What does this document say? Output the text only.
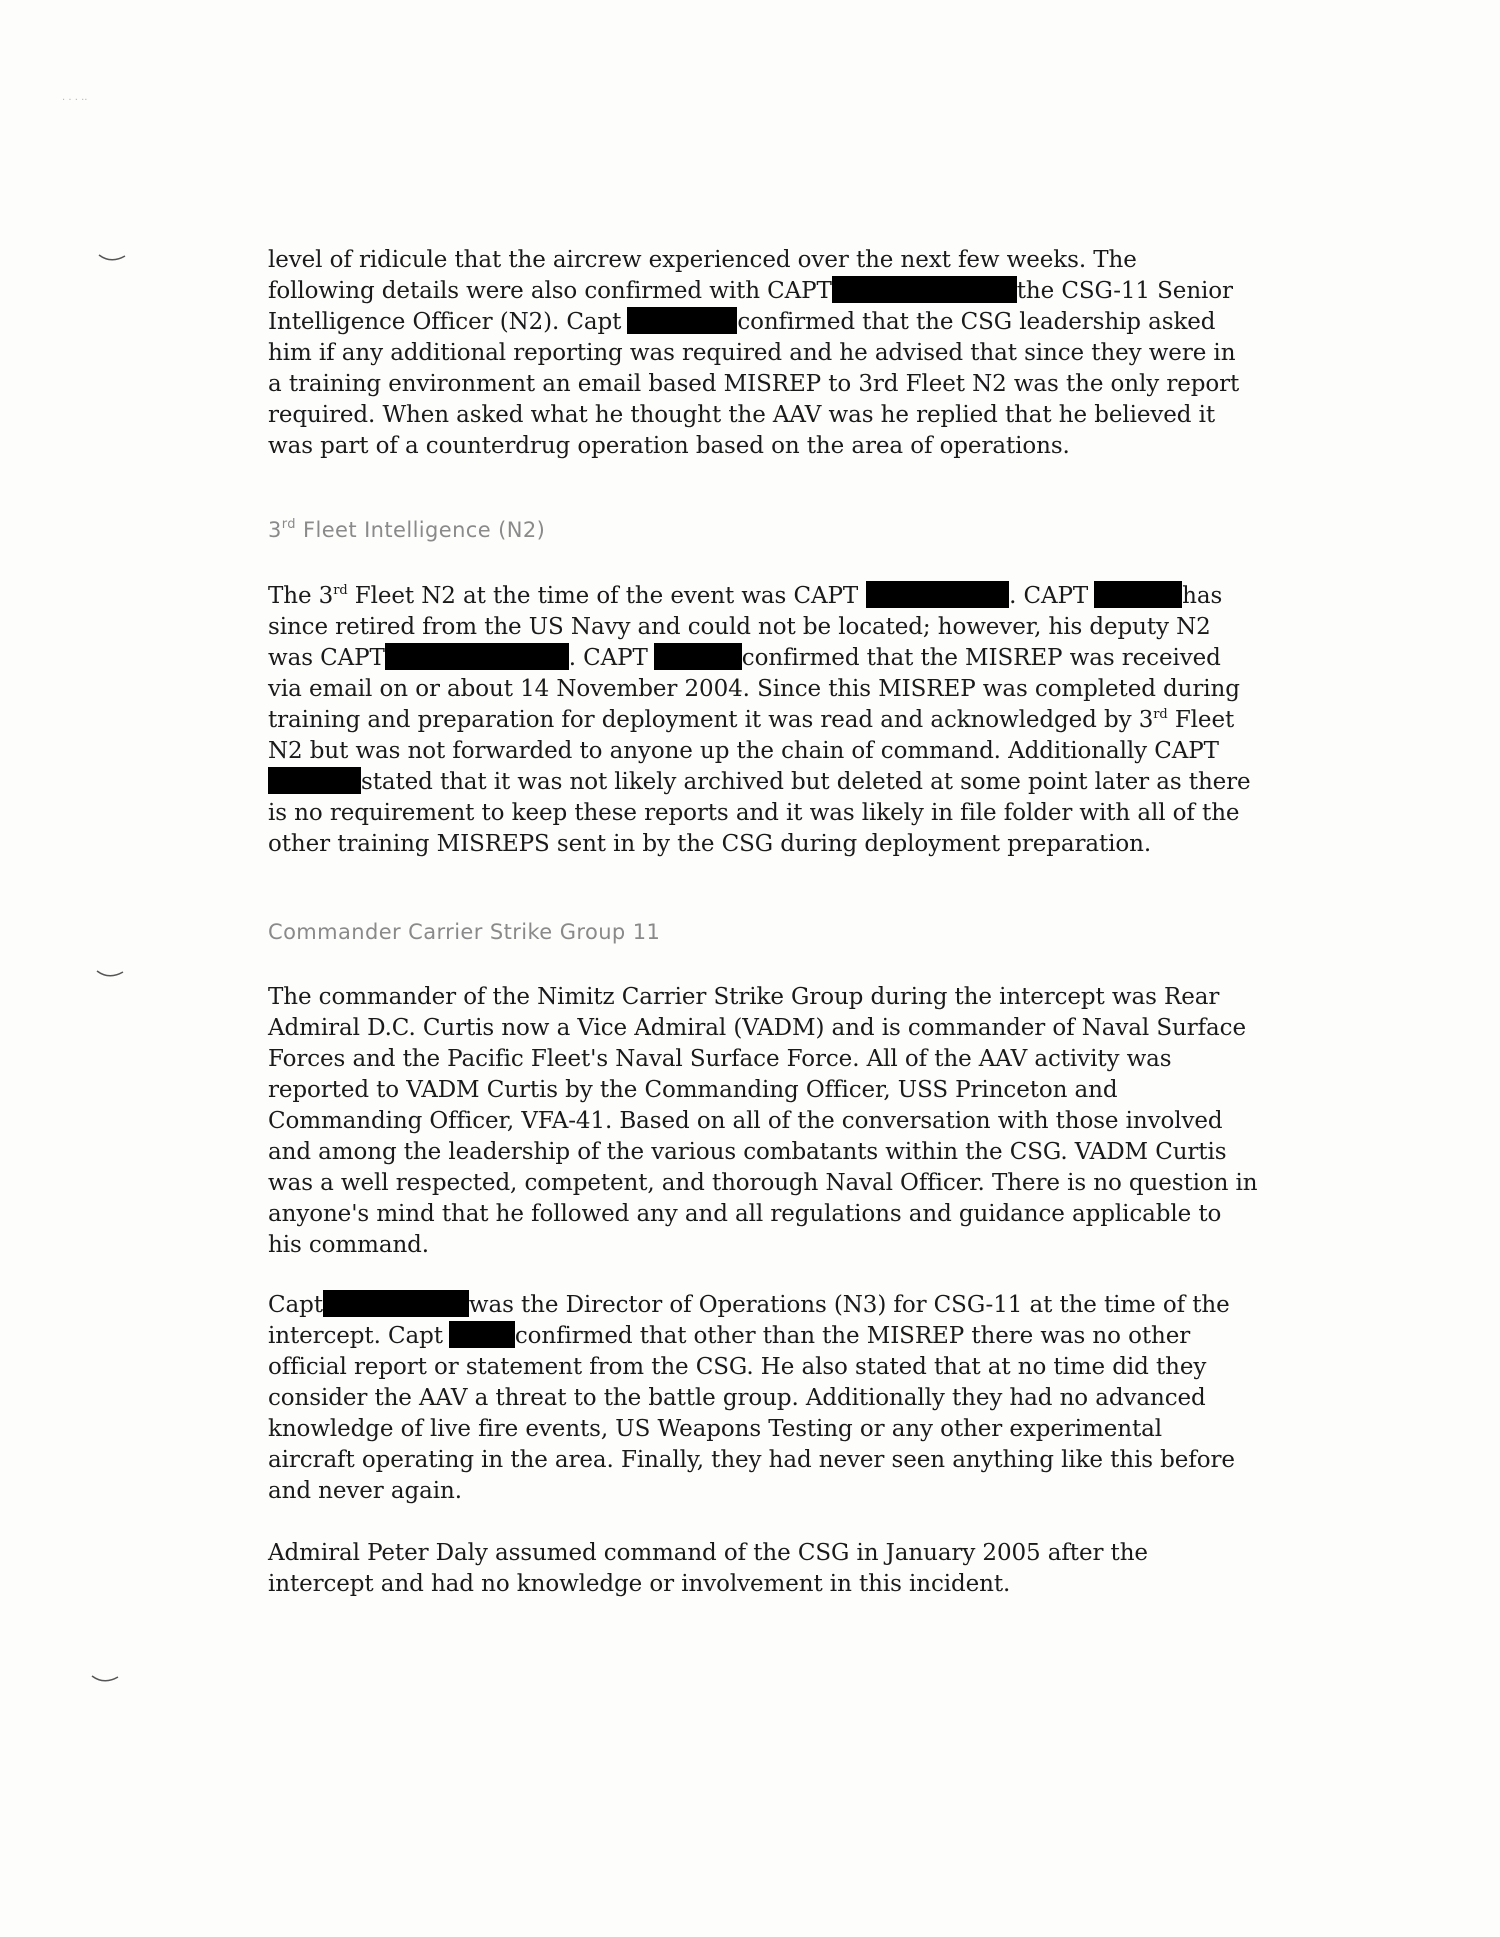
. . . ..
level of ridicule that the aircrew experienced over the next few weeks. The
following details were also confirmed with CAPT	the CSG-11 Senior
Intelligence Officer (N2). Capt	confirmed that the CSG leadership asked
him if any additional reporting was required and he advised that since they were in
a training environment an email based MISREP to 3rd Fleet N2 was the only report
required. When asked what he thought the AAV was he replied that he believed it
was part of a counterdrug operation based on the area of operations.
3rd Fleet Intelligence (N2)
The 3rd Fleet N2 at the time of the event was CAPT	. CAPT	has
since retired from the US Navy and could not be located; however, his deputy N2
was CAPT	. CAPT	confirmed that the MISREP was received
via email on or about 14 November 2004. Since this MISREP was completed during
training and preparation for deployment it was read and acknowledged by 3rd Fleet
N2 but was not forwarded to anyone up the chain of command. Additionally CAPT
stated that it was not likely archived but deleted at some point later as there
is no requirement to keep these reports and it was likely in file folder with all of the
other training MISREPS sent in by the CSG during deployment preparation.
Commander Carrier Strike Group 11
The commander of the Nimitz Carrier Strike Group during the intercept was Rear
Admiral D.C. Curtis now a Vice Admiral (VADM) and is commander of Naval Surface
Forces and the Pacific Fleet's Naval Surface Force. All of the AAV activity was
reported to VADM Curtis by the Commanding Officer, USS Princeton and
Commanding Officer, VFA-41. Based on all of the conversation with those involved
and among the leadership of the various combatants within the CSG. VADM Curtis
was a well respected, competent, and thorough Naval Officer. There is no question in
anyone's mind that he followed any and all regulations and guidance applicable to
his command.
Capt	was the Director of Operations (N3) for CSG-11 at the time of the
intercept. Capt	confirmed that other than the MISREP there was no other
official report or statement from the CSG. He also stated that at no time did they
consider the AAV a threat to the battle group. Additionally they had no advanced
knowledge of live fire events, US Weapons Testing or any other experimental
aircraft operating in the area. Finally, they had never seen anything like this before
and never again.
Admiral Peter Daly assumed command of the CSG in January 2005 after the
intercept and had no knowledge or involvement in this incident.
